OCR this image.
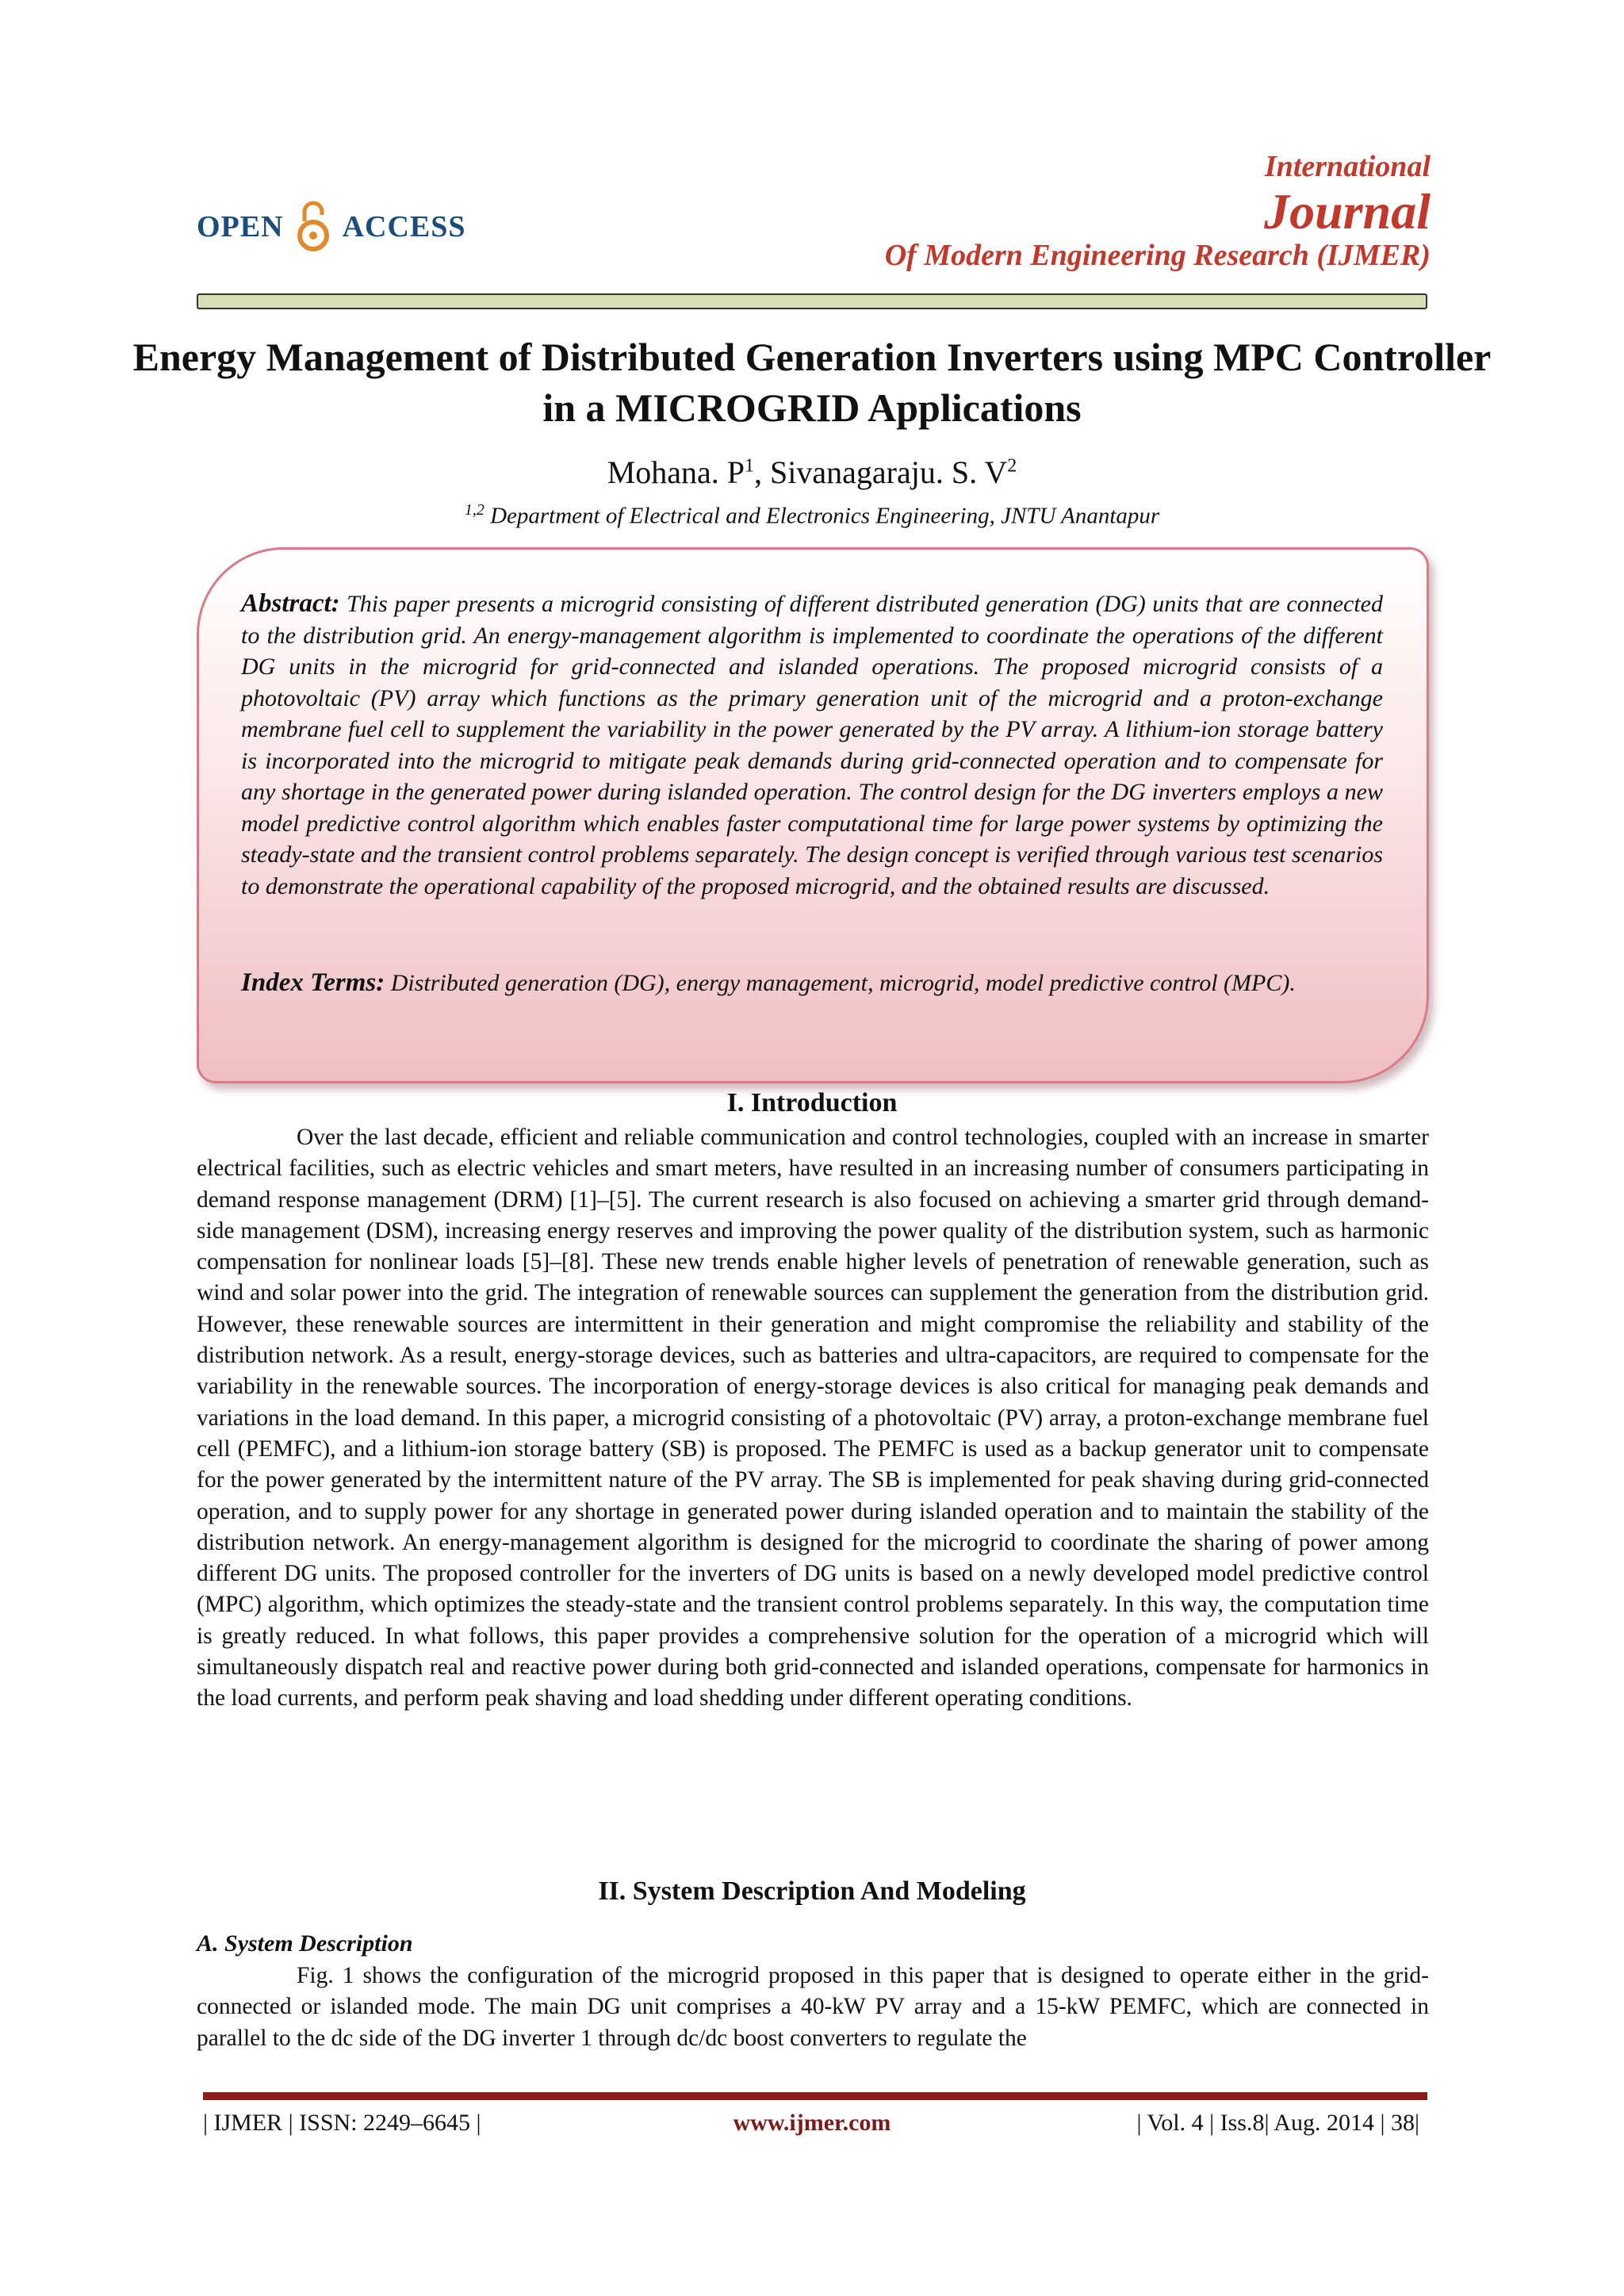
OPEN ACCESS
International
Journal
Of Modern Engineering Research (IJMER)
Energy Management of Distributed Generation Inverters using MPC Controller in a MICROGRID Applications
Mohana. $P^1$, Sivanagaraju. S. $V^2$
$^{1,2}$ Department of Electrical and Electronics Engineering, JNTU Anantapur
Abstract: This paper presents a microgrid consisting of different distributed generation (DG) units that are connected to the distribution grid. An energy-management algorithm is implemented to coordinate the operations of the different DG units in the microgrid for grid-connected and islanded operations. The proposed microgrid consists of a photovoltaic (PV) array which functions as the primary generation unit of the microgrid and a proton-exchange membrane fuel cell to supplement the variability in the power generated by the PV array. A lithium-ion storage battery is incorporated into the microgrid to mitigate peak demands during grid-connected operation and to compensate for any shortage in the generated power during islanded operation. The control design for the DG inverters employs a new model predictive control algorithm which enables faster computational time for large power systems by optimizing the steady-state and the transient control problems separately. The design concept is verified through various test scenarios to demonstrate the operational capability of the proposed microgrid, and the obtained results are discussed.
Index Terms: Distributed generation (DG), energy management, microgrid, model predictive control (MPC).
I. Introduction

Over the last decade, efficient and reliable communication and control technologies, coupled with an increase in smarter electrical facilities, such as electric vehicles and smart meters, have resulted in an increasing number of consumers participating in demand response management (DRM) [1]–[5]. The current research is also focused on achieving a smarter grid through demand-side management (DSM), increasing energy reserves and improving the power quality of the distribution system, such as harmonic compensation for nonlinear loads [5]–[8]. These new trends enable higher levels of penetration of renewable generation, such as wind and solar power into the grid. The integration of renewable sources can supplement the generation from the distribution grid. However, these renewable sources are intermittent in their generation and might compromise the reliability and stability of the distribution network. As a result, energy-storage devices, such as batteries and ultra-capacitors, are required to compensate for the variability in the renewable sources. The incorporation of energy-storage devices is also critical for managing peak demands and variations in the load demand. In this paper, a microgrid consisting of a photovoltaic (PV) array, a proton-exchange membrane fuel cell (PEMFC), and a lithium-ion storage battery (SB) is proposed. The PEMFC is used as a backup generator unit to compensate for the power generated by the intermittent nature of the PV array. The SB is implemented for peak shaving during grid-connected operation, and to supply power for any shortage in generated power during islanded operation and to maintain the stability of the distribution network. An energy-management algorithm is designed for the microgrid to coordinate the sharing of power among different DG units. The proposed controller for the inverters of DG units is based on a newly developed model predictive control (MPC) algorithm, which optimizes the steady-state and the transient control problems separately. In this way, the computation time is greatly reduced. In what follows, this paper provides a comprehensive solution for the operation of a microgrid which will simultaneously dispatch real and reactive power during both grid-connected and islanded operations, compensate for harmonics in the load currents, and perform peak shaving and load shedding under different operating conditions.

II. System Description And Modeling
A. System Description

Fig. 1 shows the configuration of the microgrid proposed in this paper that is designed to operate either in the grid-connected or islanded mode. The main DG unit comprises a 40-kW PV array and a 15-kW PEMFC, which are connected in parallel to the dc side of the DG inverter 1 through dc/dc boost converters to regulate the

| IJMER | ISSN: 2249–6645 |	www.ijmer.com	| Vol. 4 | Iss.8| Aug. 2014 | 38|
